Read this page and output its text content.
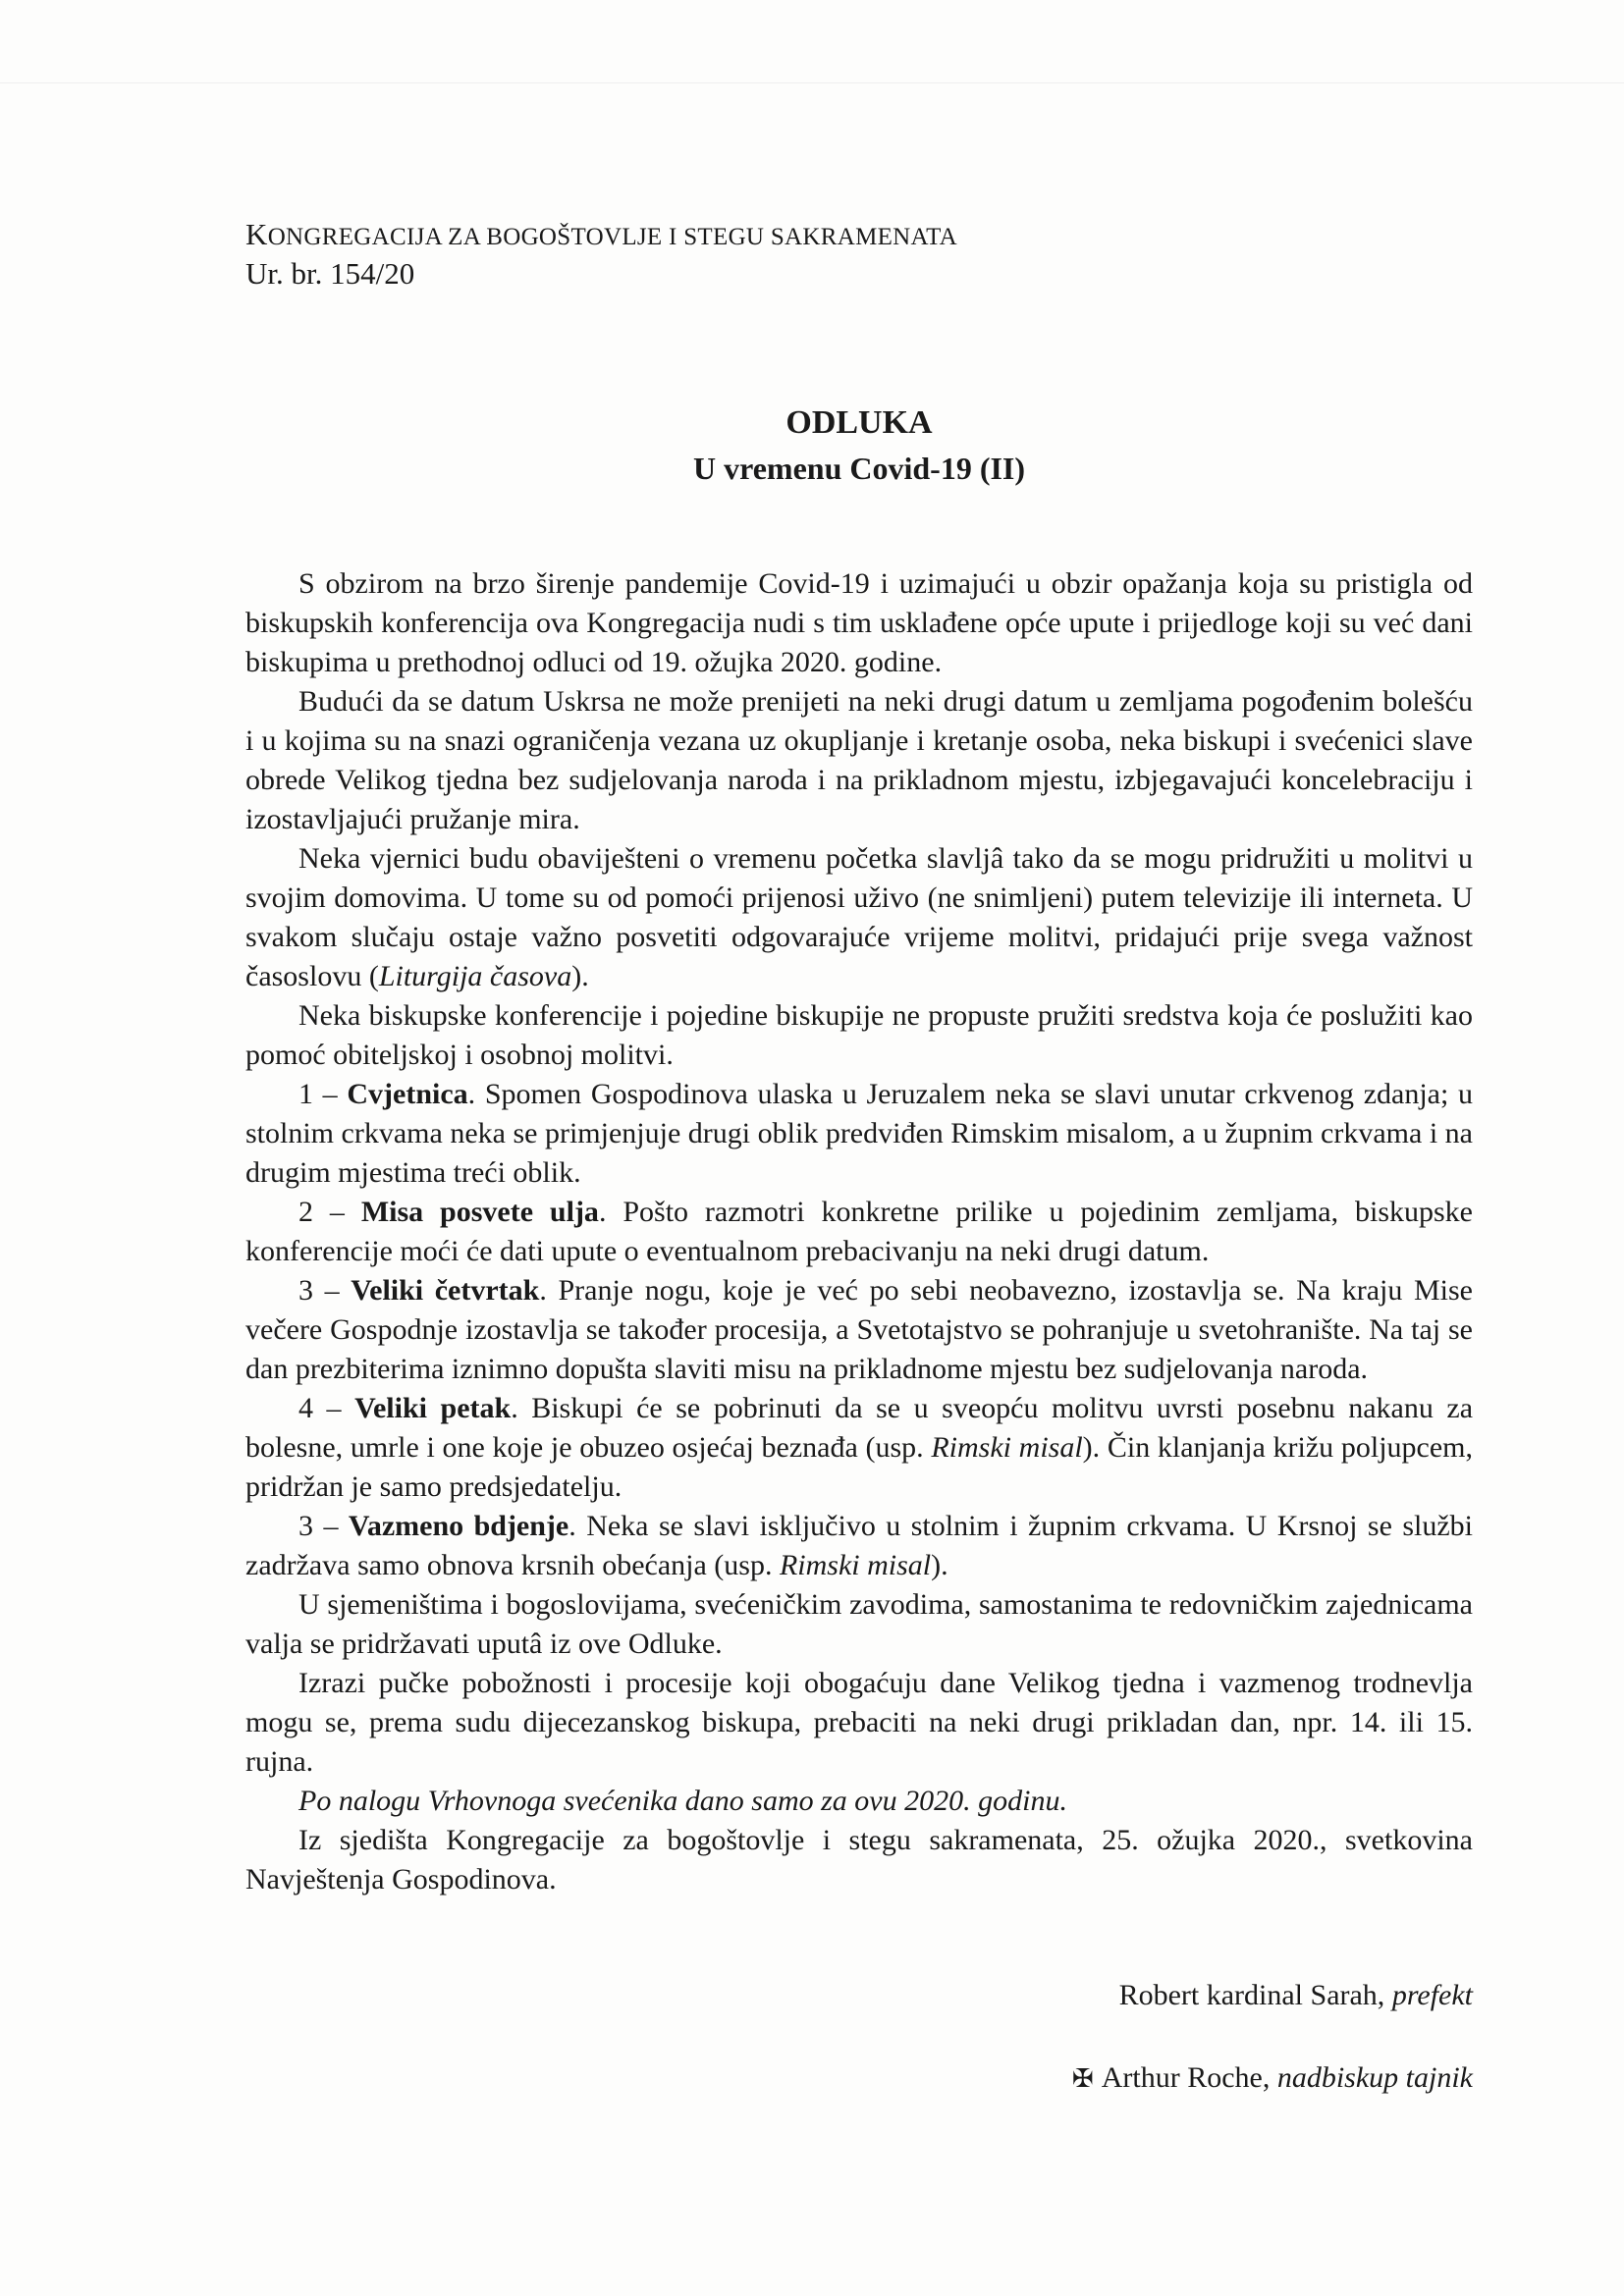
KONGREGACIJA ZA BOGOŠTOVLJE I STEGU SAKRAMENATA
Ur. br. 154/20
ODLUKA
U vremenu Covid-19 (II)

S obzirom na brzo širenje pandemije Covid-19 i uzimajući u obzir opažanja koja su pristigla od biskupskih konferencija ova Kongregacija nudi s tim usklađene opće upute i prijedloge koji su već dani biskupima u prethodnoj odluci od 19. ožujka 2020. godine.

Budući da se datum Uskrsa ne može prenijeti na neki drugi datum u zemljama pogođenim bolešću i u kojima su na snazi ograničenja vezana uz okupljanje i kretanje osoba, neka biskupi i svećenici slave obrede Velikog tjedna bez sudjelovanja naroda i na prikladnom mjestu, izbjegavajući koncelebraciju i izostavljajući pružanje mira.

Neka vjernici budu obaviješteni o vremenu početka slavljâ tako da se mogu pridružiti u molitvi u svojim domovima. U tome su od pomoći prijenosi uživo (ne snimljeni) putem televizije ili interneta. U svakom slučaju ostaje važno posvetiti odgovarajuće vrijeme molitvi, pridajući prije svega važnost časoslovu (Liturgija časova).

Neka biskupske konferencije i pojedine biskupije ne propuste pružiti sredstva koja će poslužiti kao pomoć obiteljskoj i osobnoj molitvi.

1 – Cvjetnica. Spomen Gospodinova ulaska u Jeruzalem neka se slavi unutar crkvenog zdanja; u stolnim crkvama neka se primjenjuje drugi oblik predviđen Rimskim misalom, a u župnim crkvama i na drugim mjestima treći oblik.

2 – Misa posvete ulja. Pošto razmotri konkretne prilike u pojedinim zemljama, biskupske konferencije moći će dati upute o eventualnom prebacivanju na neki drugi datum.

3 – Veliki četvrtak. Pranje nogu, koje je već po sebi neobavezno, izostavlja se. Na kraju Mise večere Gospodnje izostavlja se također procesija, a Svetotajstvo se pohranjuje u svetohranište. Na taj se dan prezbiterima iznimno dopušta slaviti misu na prikladnome mjestu bez sudjelovanja naroda.

4 – Veliki petak. Biskupi će se pobrinuti da se u sveopću molitvu uvrsti posebnu nakanu za bolesne, umrle i one koje je obuzeo osjećaj beznađa (usp. Rimski misal). Čin klanjanja križu poljupcem, pridržan je samo predsjedatelju.

3 – Vazmeno bdjenje. Neka se slavi isključivo u stolnim i župnim crkvama. U Krsnoj se službi zadržava samo obnova krsnih obećanja (usp. Rimski misal).

U sjemeništima i bogoslovijama, svećeničkim zavodima, samostanima te redovničkim zajednicama valja se pridržavati uputâ iz ove Odluke.

Izrazi pučke pobožnosti i procesije koji obogaćuju dane Velikog tjedna i vazmenog trodnevlja mogu se, prema sudu dijecezanskog biskupa, prebaciti na neki drugi prikladan dan, npr. 14. ili 15. rujna.

Po nalogu Vrhovnoga svećenika dano samo za ovu 2020. godinu.

Iz sjedišta Kongregacije za bogoštovlje i stegu sakramenata, 25. ožujka 2020., svetkovina Navještenja Gospodinova.

Robert kardinal Sarah, prefekt
✠ Arthur Roche, nadbiskup tajnik
